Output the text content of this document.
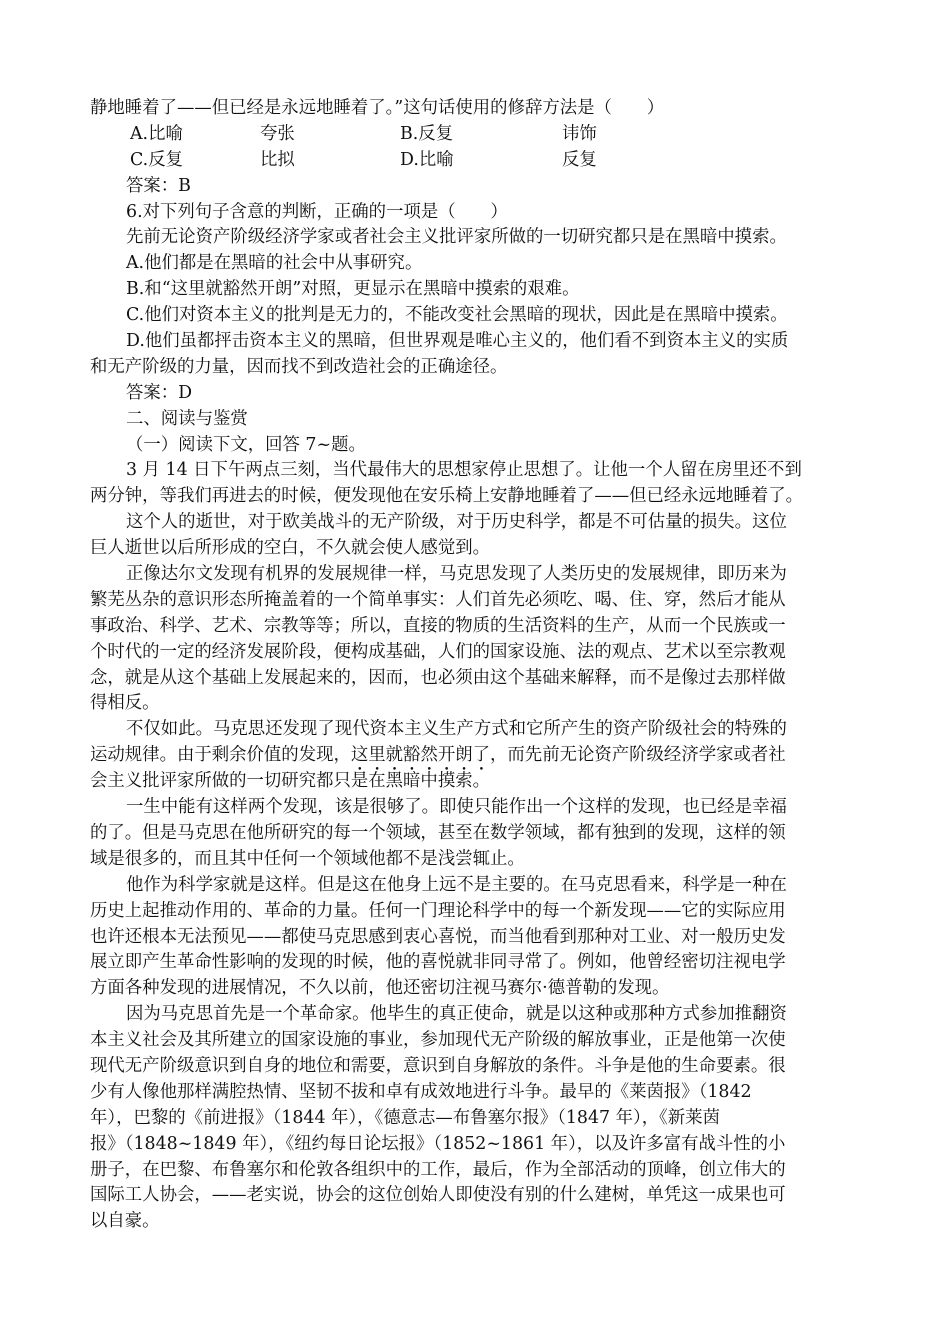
静地睡着了——但已经是永远地睡着了。”这句话使用的修辞方法是（　　）
A.比喻	夸张	B.反复	讳饰
C.反复	比拟	D.比喻	反复
答案：B
6.对下列句子含意的判断，正确的一项是（　　）
先前无论资产阶级经济学家或者社会主义批评家所做的一切研究都只是在黑暗中摸索。
A.他们都是在黑暗的社会中从事研究。
B.和“这里就豁然开朗”对照，更显示在黑暗中摸索的艰难。
C.他们对资本主义的批判是无力的，不能改变社会黑暗的现状，因此是在黑暗中摸索。
D.他们虽都抨击资本主义的黑暗，但世界观是唯心主义的，他们看不到资本主义的实质
和无产阶级的力量，因而找不到改造社会的正确途径。
答案：D
二、阅读与鉴赏
（一）阅读下文，回答 7~题。
3 月 14 日下午两点三刻，当代最伟大的思想家停止思想了。让他一个人留在房里还不到
两分钟，等我们再进去的时候，便发现他在安乐椅上安静地睡着了——但已经永远地睡着了。
这个人的逝世，对于欧美战斗的无产阶级，对于历史科学，都是不可估量的损失。这位
巨人逝世以后所形成的空白，不久就会使人感觉到。
正像达尔文发现有机界的发展规律一样，马克思发现了人类历史的发展规律，即历来为
繁芜丛杂的意识形态所掩盖着的一个简单事实：人们首先必须吃、喝、住、穿，然后才能从
事政治、科学、艺术、宗教等等；所以，直接的物质的生活资料的生产，从而一个民族或一
个时代的一定的经济发展阶段，便构成基础，人们的国家设施、法的观点、艺术以至宗教观
念，就是从这个基础上发展起来的，因而，也必须由这个基础来解释，而不是像过去那样做
得相反。
不仅如此。马克思还发现了现代资本主义生产方式和它所产生的资产阶级社会的特殊的
运动规律。由于剩余价值的发现，这里就豁然开朗了，而先前无论资产阶级经济学家或者社
会主义批评家所做的一切研究都只是在黑暗中摸索。
一生中能有这样两个发现，该是很够了。即使只能作出一个这样的发现，也已经是幸福
的了。但是马克思在他所研究的每一个领域，甚至在数学领域，都有独到的发现，这样的领
域是很多的，而且其中任何一个领域他都不是浅尝辄止。
他作为科学家就是这样。但是这在他身上远不是主要的。在马克思看来，科学是一种在
历史上起推动作用的、革命的力量。任何一门理论科学中的每一个新发现——它的实际应用
也许还根本无法预见——都使马克思感到衷心喜悦，而当他看到那种对工业、对一般历史发
展立即产生革命性影响的发现的时候，他的喜悦就非同寻常了。例如，他曾经密切注视电学
方面各种发现的进展情况，不久以前，他还密切注视马赛尔·德普勒的发现。
因为马克思首先是一个革命家。他毕生的真正使命，就是以这种或那种方式参加推翻资
本主义社会及其所建立的国家设施的事业，参加现代无产阶级的解放事业，正是他第一次使
现代无产阶级意识到自身的地位和需要，意识到自身解放的条件。斗争是他的生命要素。很
少有人像他那样满腔热情、坚韧不拔和卓有成效地进行斗争。最早的《莱茵报》（1842
年），巴黎的《前进报》（1844 年），《德意志—布鲁塞尔报》（1847 年），《新莱茵
报》（1848~1849 年），《纽约每日论坛报》（1852~1861 年），以及许多富有战斗性的小
册子，在巴黎、布鲁塞尔和伦敦各组织中的工作，最后，作为全部活动的顶峰，创立伟大的
国际工人协会，——老实说，协会的这位创始人即使没有别的什么建树，单凭这一成果也可
以自豪。
